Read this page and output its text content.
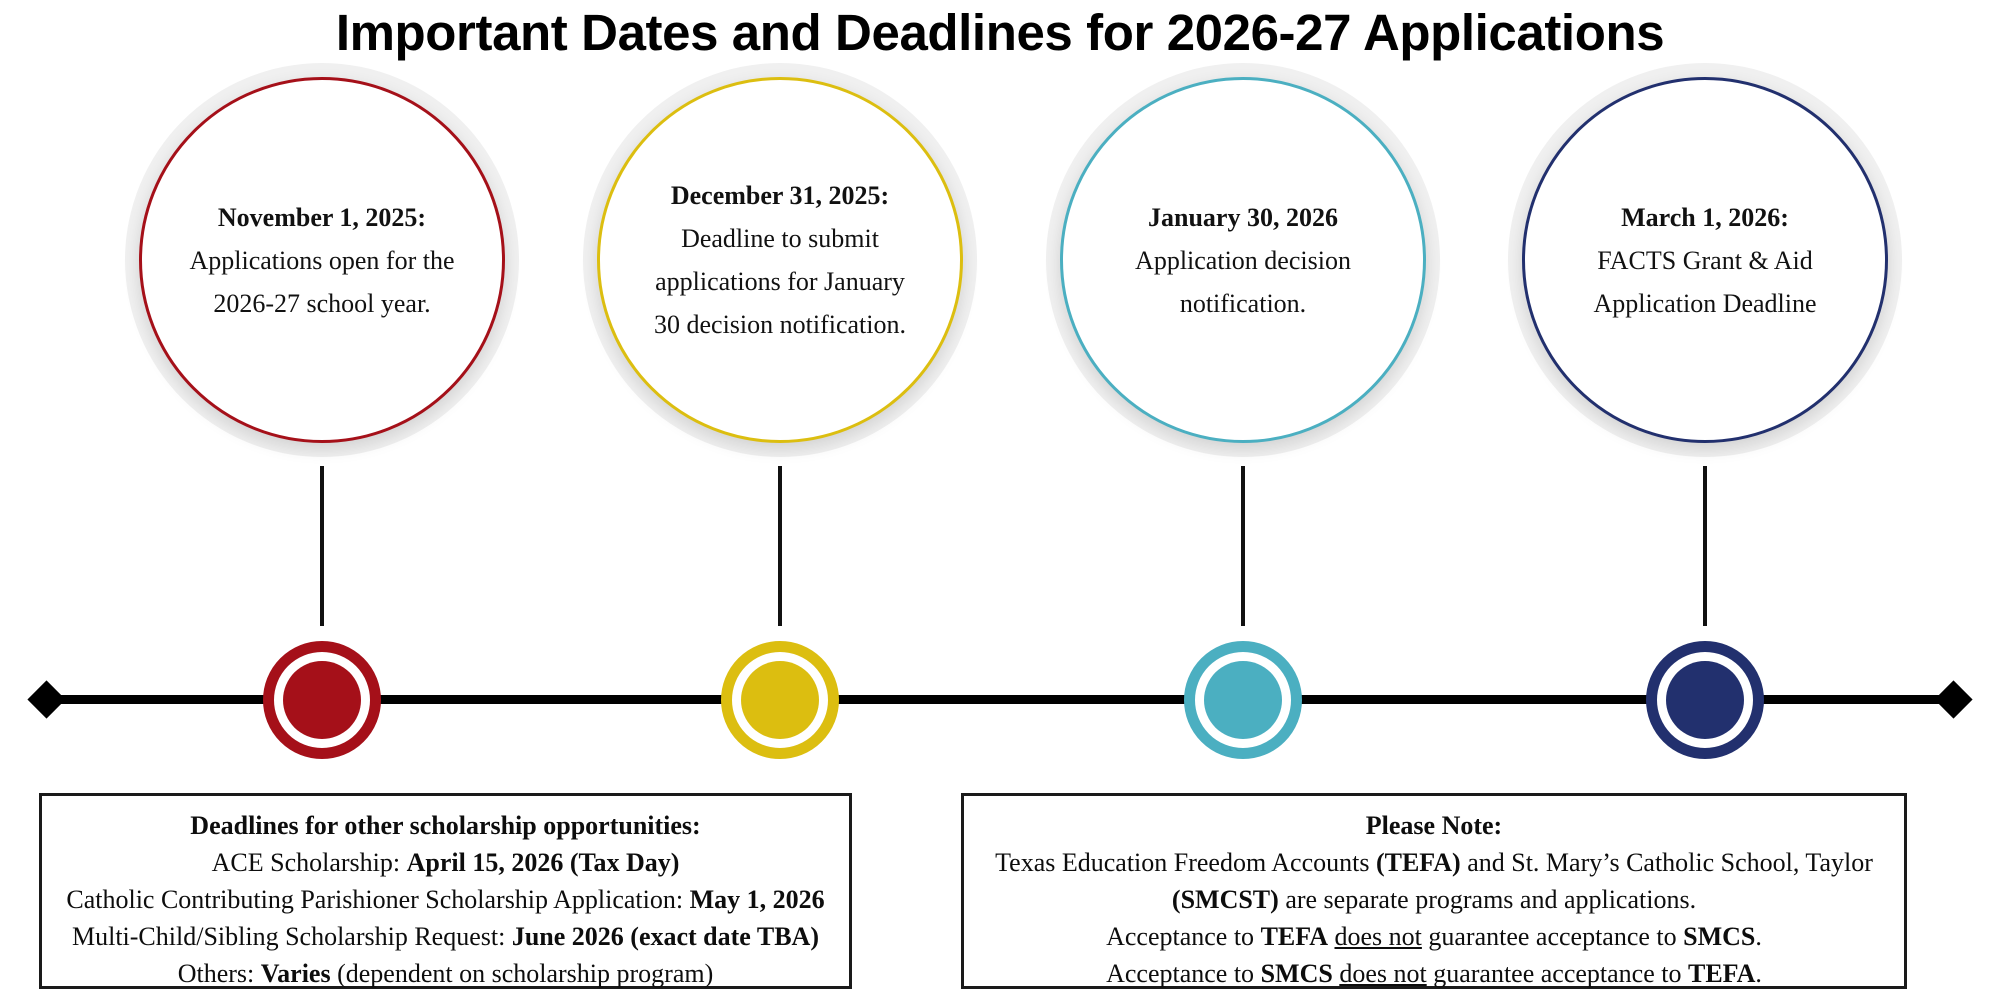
Important Dates and Deadlines for 2026-27 Applications
November 1, 2025:
Applications open for the 2026-27 school year.
December 31, 2025:
Deadline to submit applications for January 30 decision notification.
January 30, 2026
Application decision notification.
March 1, 2026:
FACTS Grant & Aid Application Deadline
Deadlines for other scholarship opportunities:
ACE Scholarship: April 15, 2026 (Tax Day)
Catholic Contributing Parishioner Scholarship Application: May 1, 2026
Multi-Child/Sibling Scholarship Request: June 2026 (exact date TBA)
Others: Varies (dependent on scholarship program)
Please Note:
Texas Education Freedom Accounts (TEFA) and St. Mary’s Catholic School, Taylor
(SMCST) are separate programs and applications.
Acceptance to TEFA does not guarantee acceptance to SMCS.
Acceptance to SMCS does not guarantee acceptance to TEFA.
